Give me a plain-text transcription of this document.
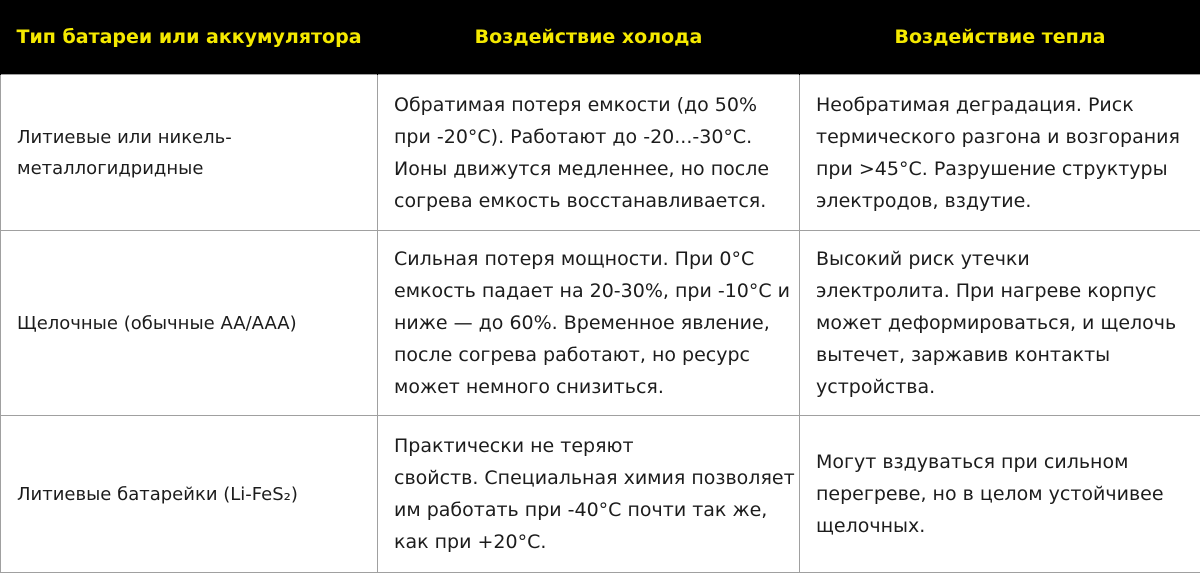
Тип батареи или аккумулятора	Воздействие холода	Воздействие тепла

Литиевые или никель-
металлогидридные	Обратимая потеря емкости (до 50%
при -20°C). Работают до -20...-30°C.
Ионы движутся медленнее, но после
согрева емкость восстанавливается.	Необратимая деградация. Риск
термического разгона и возгорания
при >45°C. Разрушение структуры
электродов, вздутие.

Щелочные (обычные AA/AAA)	Сильная потеря мощности. При 0°C
емкость падает на 20-30%, при -10°C и
ниже — до 60%. Временное явление,
после согрева работают, но ресурс
может немного снизиться.	Высокий риск утечки
электролита. При нагреве корпус
может деформироваться, и щелочь
вытечет, заржавив контакты
устройства.

Литиевые батарейки (Li-FeS₂)	Практически не теряют
свойств. Специальная химия позволяет
им работать при -40°C почти так же,
как при +20°C.	Могут вздуваться при сильном
перегреве, но в целом устойчивее
щелочных.
